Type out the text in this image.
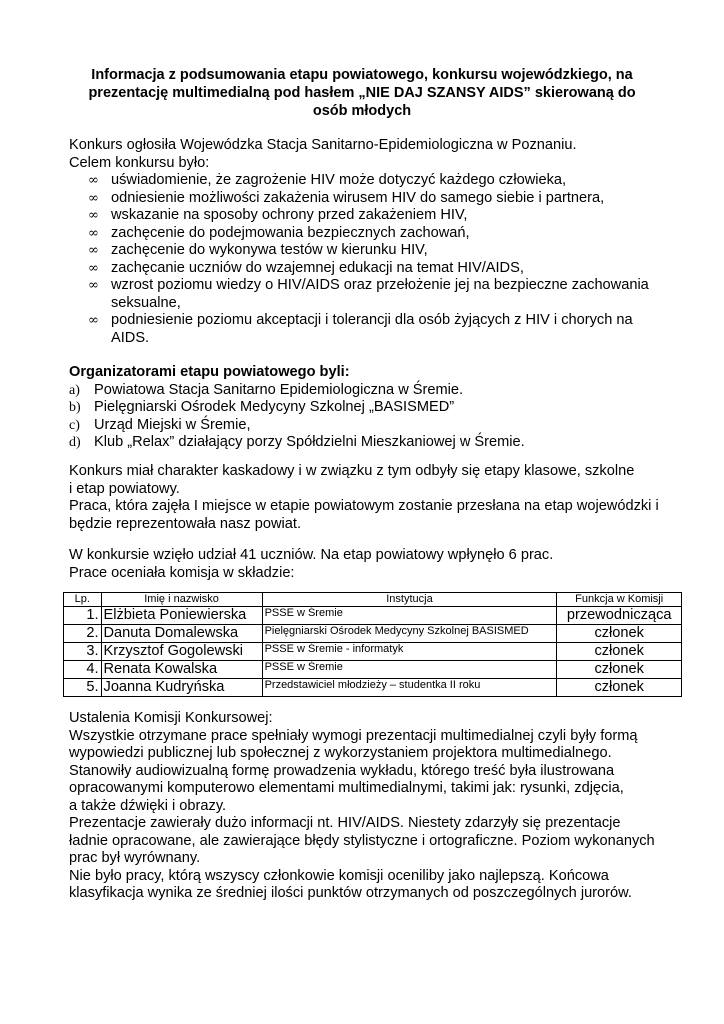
Informacja z podsumowania etapu powiatowego, konkursu wojewódzkiego, na
prezentację multimedialną pod hasłem „NIE DAJ SZANSY AIDS” skierowaną do
osób młodych
Konkurs ogłosiła Wojewódzka Stacja Sanitarno-Epidemiologiczna w Poznaniu.
Celem konkursu było:
∞ uświadomienie, że zagrożenie HIV może dotyczyć każdego człowieka,
∞ odniesienie możliwości zakażenia wirusem HIV do samego siebie i partnera,
∞ wskazanie na sposoby ochrony przed zakażeniem HIV,
∞ zachęcenie do podejmowania bezpiecznych zachowań,
∞ zachęcenie do wykonywa testów w kierunku HIV,
∞ zachęcanie uczniów do wzajemnej edukacji na temat HIV/AIDS,
∞ wzrost poziomu wiedzy o HIV/AIDS oraz przełożenie jej na bezpieczne zachowania seksualne,
∞ podniesienie poziomu akceptacji i tolerancji dla osób żyjących z HIV i chorych na AIDS.
Organizatorami etapu powiatowego byli:
a) Powiatowa Stacja Sanitarno Epidemiologiczna w Śremie.
b) Pielęgniarski Ośrodek Medycyny Szkolnej „BASISMED”
c) Urząd Miejski w Śremie,
d) Klub „Relax” działający porzy Spółdzielni Mieszkaniowej w Śremie.
Konkurs miał charakter kaskadowy i w związku z tym odbyły się etapy klasowe, szkolne
i etap powiatowy.
Praca, która zajęła I miejsce w etapie powiatowym zostanie przesłana na etap wojewódzki i
będzie reprezentowała nasz powiat.
W konkursie wzięło udział 41 uczniów. Na etap powiatowy wpłynęło 6 prac.
Prace oceniała komisja w składzie:
Lp.	Imię i nazwisko	Instytucja	Funkcja w Komisji
1.	Elżbieta Poniewierska	PSSE w Śremie	przewodnicząca
2.	Danuta Domalewska	Pielęgniarski Ośrodek Medycyny Szkolnej BASISMED	członek
3.	Krzysztof Gogolewski	PSSE w Śremie - informatyk	członek
4.	Renata Kowalska	PSSE w Śremie	członek
5.	Joanna Kudryńska	Przedstawiciel młodzieży – studentka II roku	członek
Ustalenia Komisji Konkursowej:
Wszystkie otrzymane prace spełniały wymogi prezentacji multimedialnej czyli były formą
wypowiedzi publicznej lub społecznej z wykorzystaniem projektora multimedialnego.
Stanowiły audiowizualną formę prowadzenia wykładu, którego treść była ilustrowana
opracowanymi komputerowo elementami multimedialnymi, takimi jak: rysunki, zdjęcia,
a także dźwięki i obrazy.
Prezentacje zawierały dużo informacji nt. HIV/AIDS. Niestety zdarzyły się prezentacje
ładnie opracowane, ale zawierające błędy stylistyczne i ortograficzne. Poziom wykonanych
prac był wyrównany.
Nie było pracy, którą wszyscy członkowie komisji oceniliby jako najlepszą. Końcowa
klasyfikacja wynika ze średniej ilości punktów otrzymanych od poszczególnych jurorów.
